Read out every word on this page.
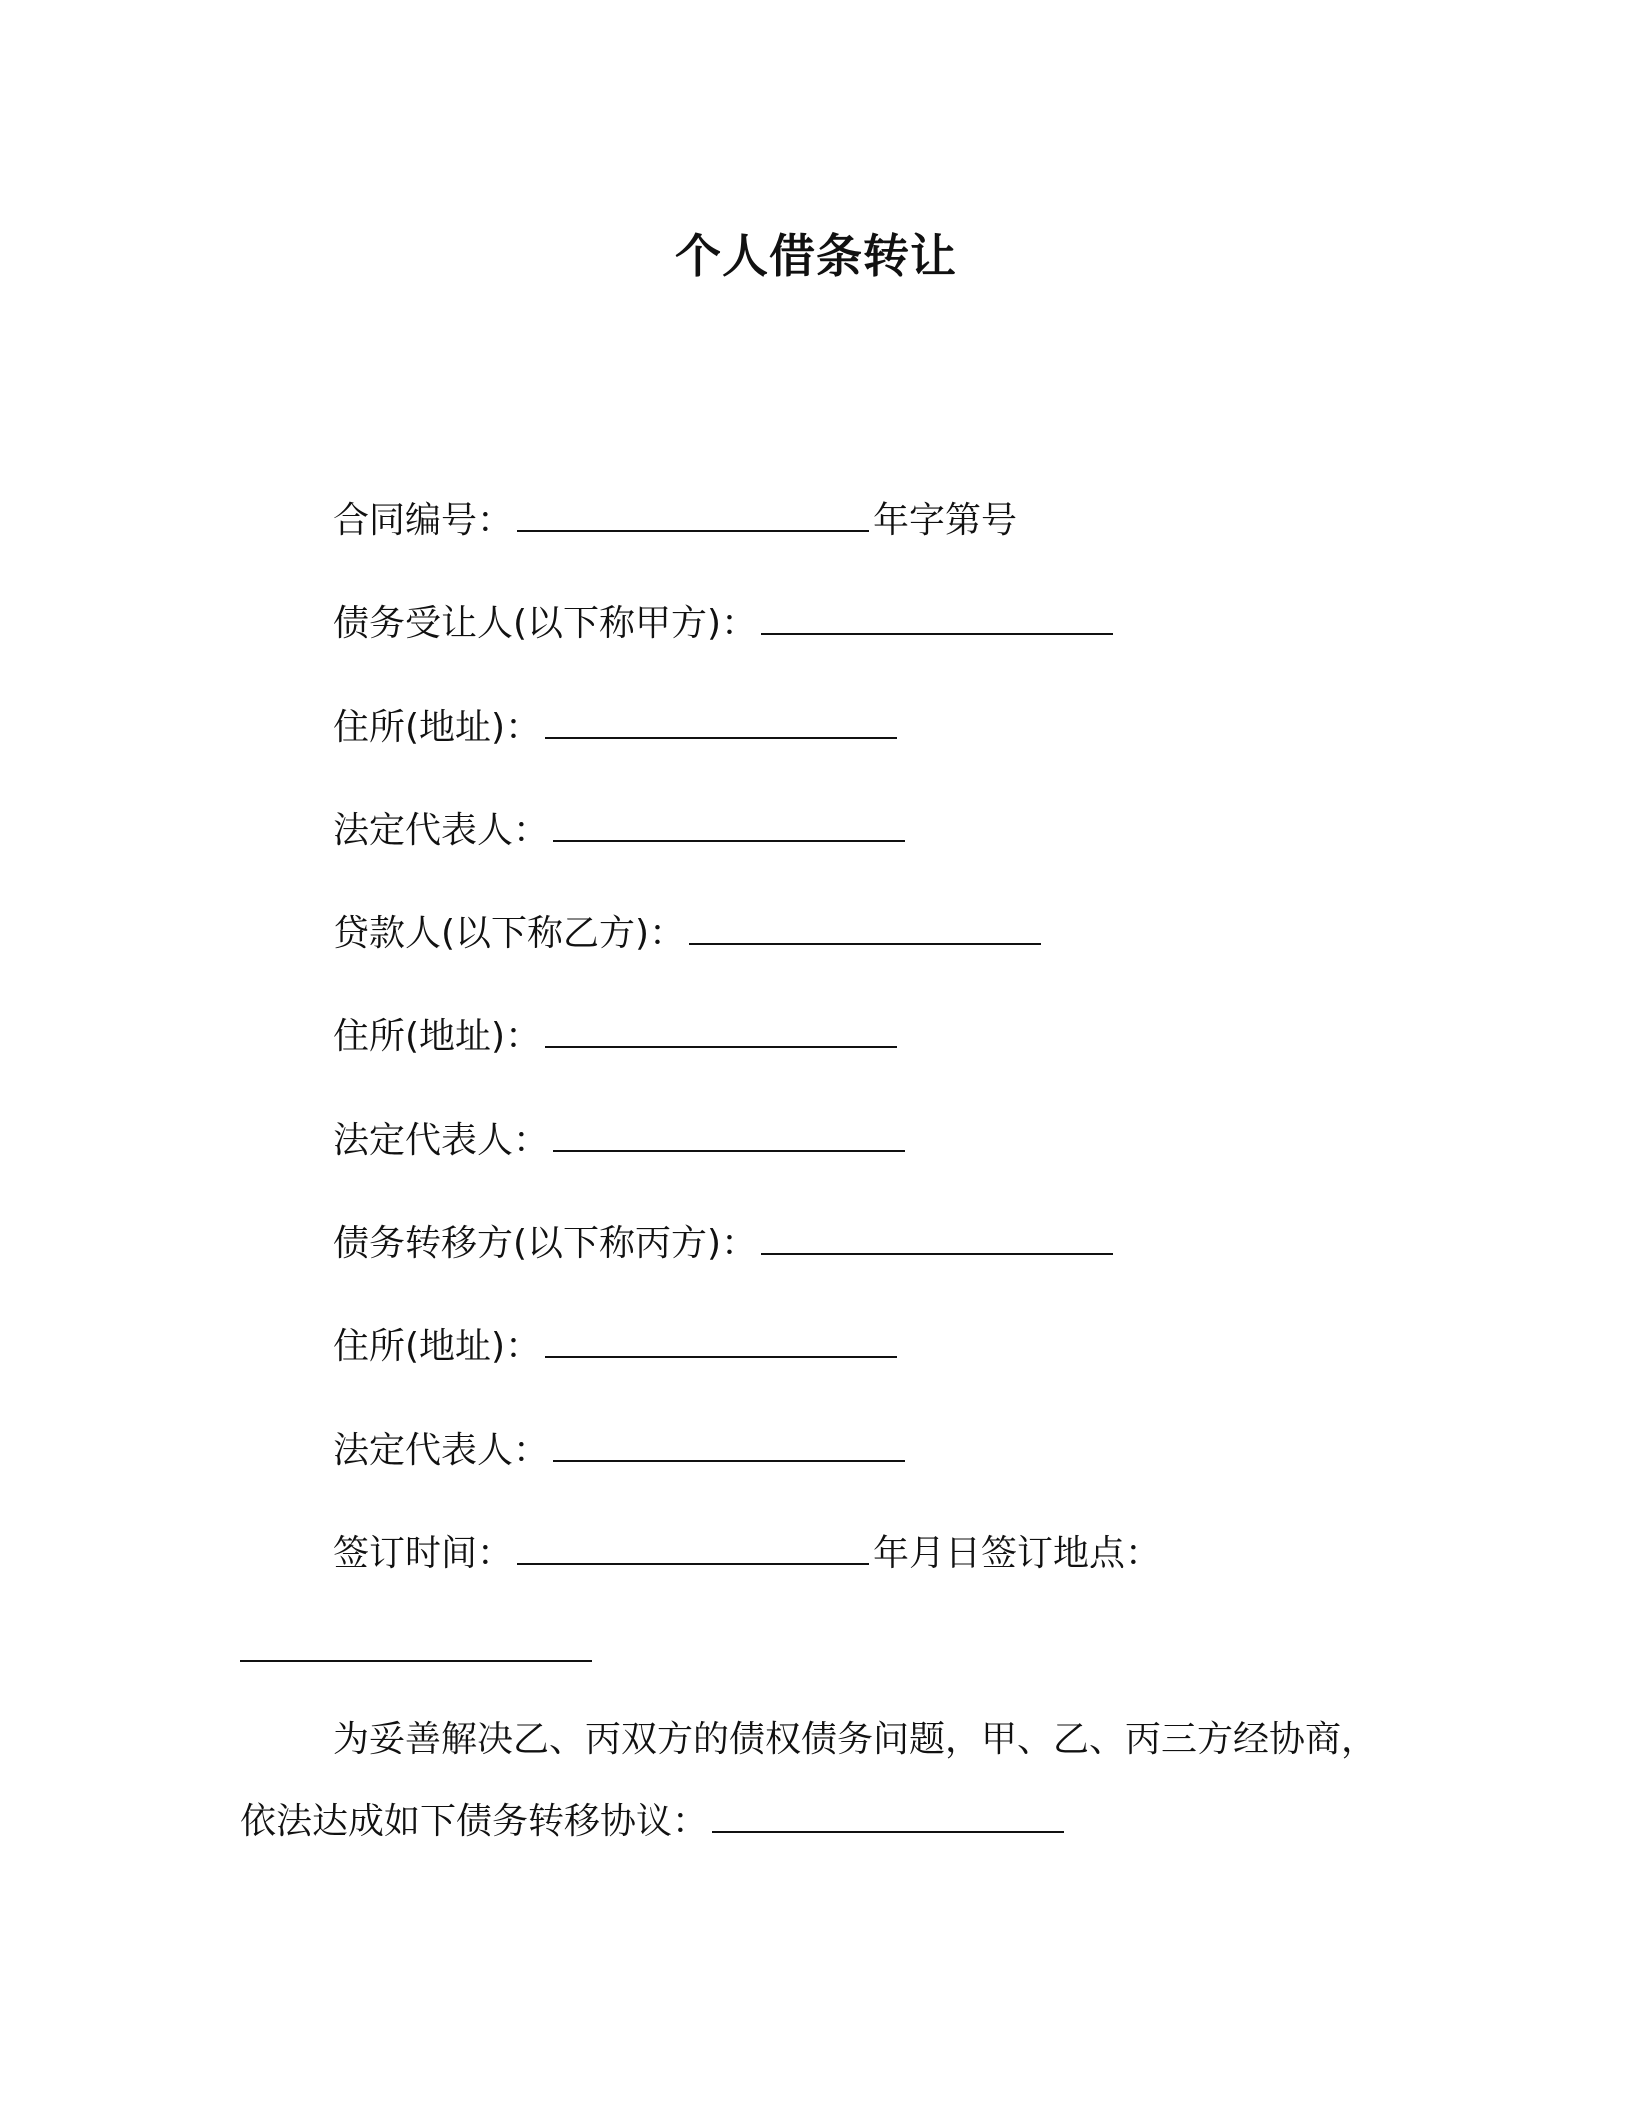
个人借条转让

合同编号：	年字第号

债务受让人(以下称甲方)：

住所(地址)：

法定代表人：

贷款人(以下称乙方)：

住所(地址)：

法定代表人：

债务转移方(以下称丙方)：

住所(地址)：

法定代表人：

签订时间：	年月日签订地点：

为妥善解决乙、丙双方的债权债务问题，甲、乙、丙三方经协商，
依法达成如下债务转移协议：
